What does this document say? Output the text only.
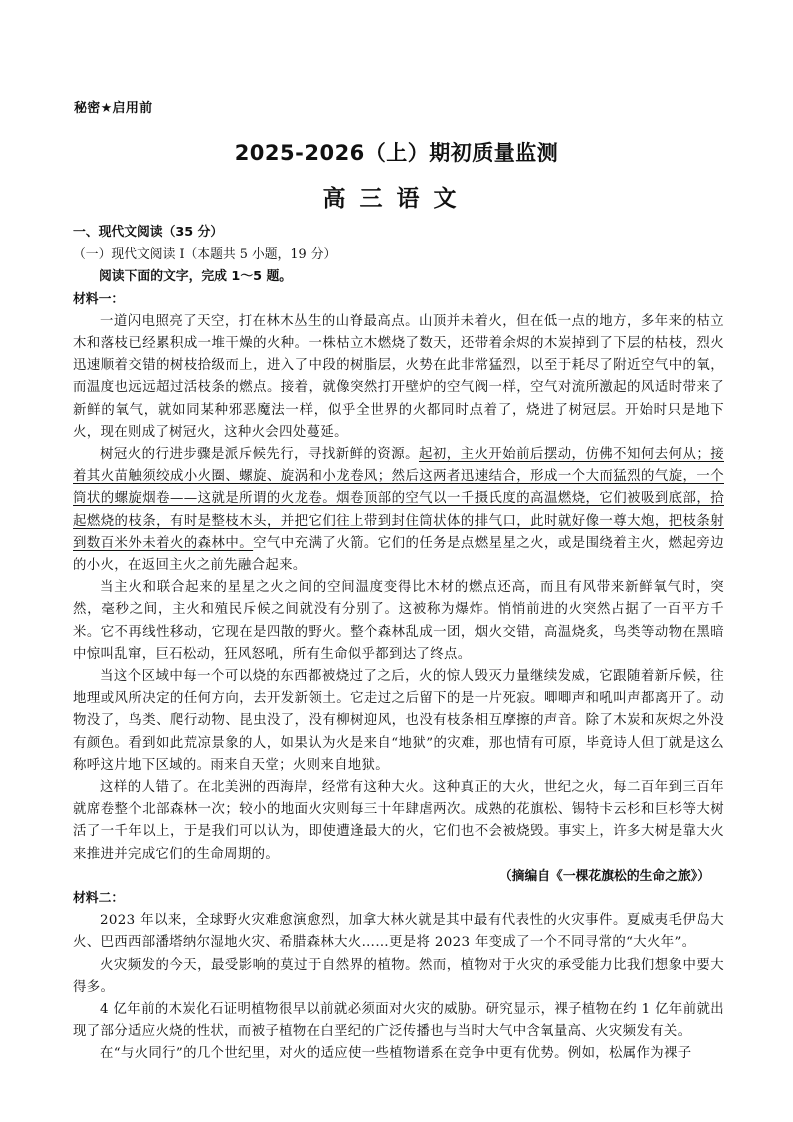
秘密★启用前
2025-2026（上）期初质量监测
高三语文
一、现代文阅读（35 分）
（一）现代文阅读 I（本题共 5 小题，19 分）
阅读下面的文字，完成 1～5 题。
材料一：

一道闪电照亮了天空，打在林木丛生的山脊最高点。山顶并未着火，但在低一点的地方，多年来的枯立木和落枝已经累积成一堆干燥的火种。一株枯立木燃烧了数天，还带着余烬的木炭掉到了下层的枯枝，烈火迅速顺着交错的树枝拾级而上，进入了中段的树脂层，火势在此非常猛烈，以至于耗尽了附近空气中的氧，而温度也远远超过活枝条的燃点。接着，就像突然打开壁炉的空气阀一样，空气对流所激起的风适时带来了新鲜的氧气，就如同某种邪恶魔法一样，似乎全世界的火都同时点着了，烧进了树冠层。开始时只是地下火，现在则成了树冠火，这种火会四处蔓延。

树冠火的行进步骤是派斥候先行，寻找新鲜的资源。起初，主火开始前后摆动，仿佛不知何去何从；接着其火苗触须绞成小火圈、螺旋、旋涡和小龙卷风；然后这两者迅速结合，形成一个大而猛烈的气旋，一个筒状的螺旋烟卷——这就是所谓的火龙卷。烟卷顶部的空气以一千摄氏度的高温燃烧，它们被吸到底部，拾起燃烧的枝条，有时是整枝木头，并把它们往上带到封住筒状体的排气口，此时就好像一尊大炮，把枝条射到数百米外未着火的森林中。空气中充满了火箭。它们的任务是点燃星星之火，或是围绕着主火，燃起旁边的小火，在返回主火之前先融合起来。

当主火和联合起来的星星之火之间的空间温度变得比木材的燃点还高，而且有风带来新鲜氧气时，突然，毫秒之间，主火和殖民斥候之间就没有分别了。这被称为爆炸。悄悄前进的火突然占据了一百平方千米。它不再线性移动，它现在是四散的野火。整个森林乱成一团，烟火交错，高温烧炙，鸟类等动物在黑暗中惊叫乱窜，巨石松动，狂风怒吼，所有生命似乎都到达了终点。

当这个区域中每一个可以烧的东西都被烧过了之后，火的惊人毁灭力量继续发威，它跟随着新斥候，往地理或风所决定的任何方向，去开发新领土。它走过之后留下的是一片死寂。唧唧声和吼叫声都离开了。动物没了，鸟类、爬行动物、昆虫没了，没有柳树迎风，也没有枝条相互摩擦的声音。除了木炭和灰烬之外没有颜色。看到如此荒凉景象的人，如果认为火是来自“地狱”的灾难，那也情有可原，毕竟诗人但丁就是这么称呼这片地下区域的。雨来自天堂；火则来自地狱。

这样的人错了。在北美洲的西海岸，经常有这种大火。这种真正的大火，世纪之火，每二百年到三百年就席卷整个北部森林一次；较小的地面火灾则每三十年肆虐两次。成熟的花旗松、锡特卡云杉和巨杉等大树活了一千年以上，于是我们可以认为，即使遭逢最大的火，它们也不会被烧毁。事实上，许多大树是靠大火来推进并完成它们的生命周期的。

（摘编自《一棵花旗松的生命之旅》）
材料二：

2023 年以来，全球野火灾难愈演愈烈，加拿大林火就是其中最有代表性的火灾事件。夏威夷毛伊岛大火、巴西西部潘塔纳尔湿地火灾、希腊森林大火……更是将 2023 年变成了一个不同寻常的“大火年”。

火灾频发的今天，最受影响的莫过于自然界的植物。然而，植物对于火灾的承受能力比我们想象中要大得多。

4 亿年前的木炭化石证明植物很早以前就必须面对火灾的威胁。研究显示，裸子植物在约 1 亿年前就出现了部分适应火烧的性状，而被子植物在白垩纪的广泛传播也与当时大气中含氧量高、火灾频发有关。

在“与火同行”的几个世纪里，对火的适应使一些植物谱系在竞争中更有优势。例如，松属作为裸子
